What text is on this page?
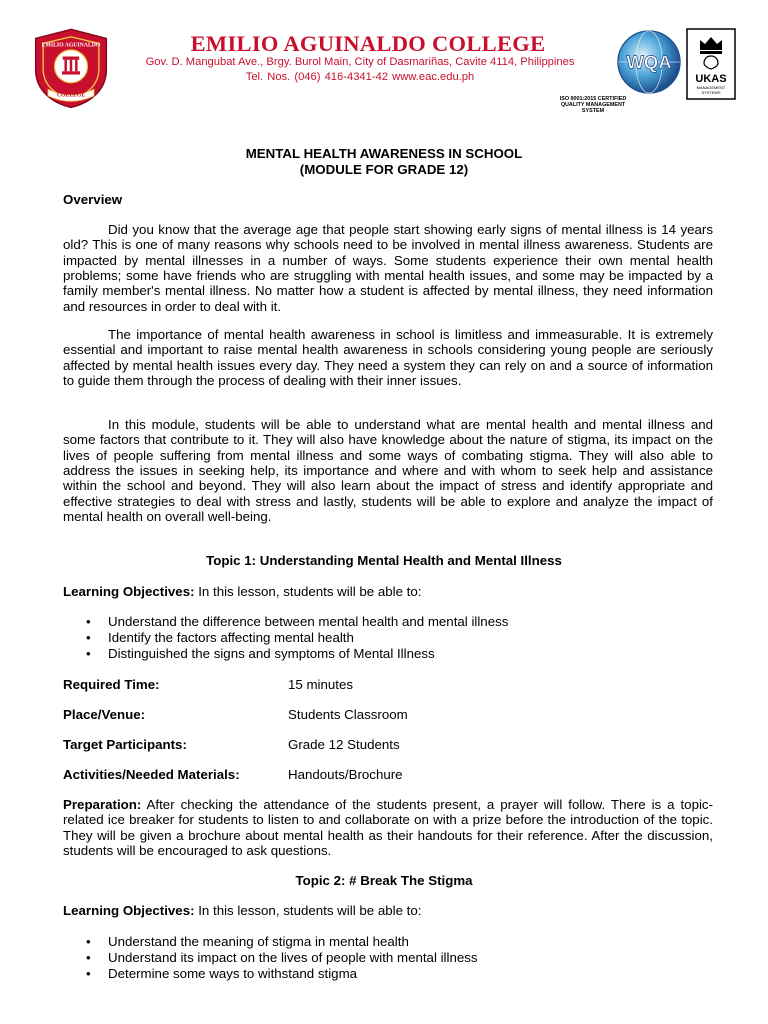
EMILIO AGUINALDO
COLLEGE
EMILIO AGUINALDO COLLEGE
Gov. D. Mangubat Ave., Brgy. Burol Main, City of Dasmariñas, Cavite 4114, Philippines
Tel. Nos. (046) 416-4341-42 www.eac.edu.ph
WQA
UKAS
MANAGEMENT
SYSTEMS
ISO 9001:2015 CERTIFIED
QUALITY MANAGEMENT
SYSTEM
MENTAL HEALTH AWARENESS IN SCHOOL
(MODULE FOR GRADE 12)
Overview

Did you know that the average age that people start showing early signs of mental illness is 14 years old? This is one of many reasons why schools need to be involved in mental illness awareness. Students are impacted by mental illnesses in a number of ways. Some students experience their own mental health problems; some have friends who are struggling with mental health issues, and some may be impacted by a family member's mental illness. No matter how a student is affected by mental illness, they need information and resources in order to deal with it.

The importance of mental health awareness in school is limitless and immeasurable. It is extremely essential and important to raise mental health awareness in schools considering young people are seriously affected by mental health issues every day. They need a system they can rely on and a source of information to guide them through the process of dealing with their inner issues.

In this module, students will be able to understand what are mental health and mental illness and some factors that contribute to it. They will also have knowledge about the nature of stigma, its impact on the lives of people suffering from mental illness and some ways of combating stigma. They will also able to address the issues in seeking help, its importance and where and with whom to seek help and assistance within the school and beyond. They will also learn about the impact of stress and identify appropriate and effective strategies to deal with stress and lastly, students will be able to explore and analyze the impact of mental health on overall well-being.

Topic 1: Understanding Mental Health and Mental Illness
Learning Objectives: In this lesson, students will be able to:
• Understand the difference between mental health and mental illness
• Identify the factors affecting mental health
• Distinguished the signs and symptoms of Mental Illness
Required Time:	15 minutes
Place/Venue:	Students Classroom
Target Participants:	Grade 12 Students
Activities/Needed Materials:	Handouts/Brochure

Preparation: After checking the attendance of the students present, a prayer will follow. There is a topic-related ice breaker for students to listen to and collaborate on with a prize before the introduction of the topic. They will be given a brochure about mental health as their handouts for their reference. After the discussion, students will be encouraged to ask questions.

Topic 2: # Break The Stigma
Learning Objectives: In this lesson, students will be able to:
• Understand the meaning of stigma in mental health
• Understand its impact on the lives of people with mental illness
• Determine some ways to withstand stigma
